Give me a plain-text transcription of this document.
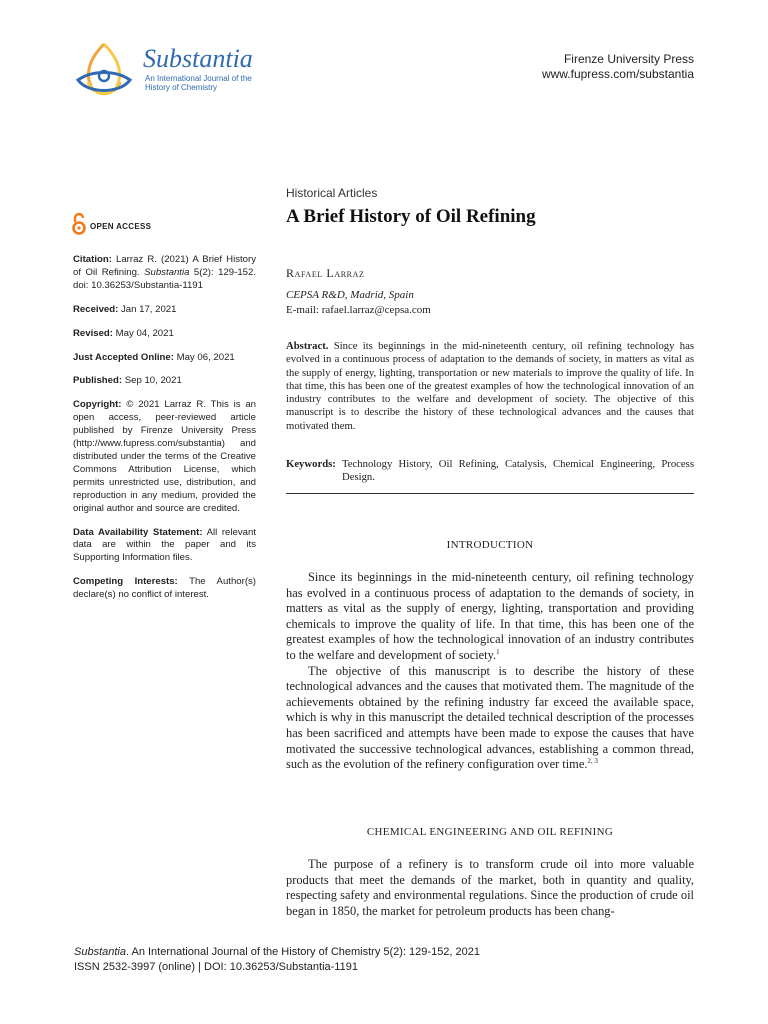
Substantia
An International Journal of the
History of Chemistry
Firenze University Press
www.fupress.com/substantia
Historical Articles
A Brief History of Oil Refining
OPEN ACCESS

Citation: Larraz R. (2021) A Brief History of Oil Refining. Substantia 5(2): 129-152. doi: 10.36253/Substantia-1191

Received: Jan 17, 2021

Revised: May 04, 2021

Just Accepted Online: May 06, 2021

Published: Sep 10, 2021

Copyright: © 2021 Larraz R. This is an open access, peer-reviewed article published by Firenze University Press (http://www.fupress.com/substantia) and distributed under the terms of the Creative Commons Attribution License, which permits unrestricted use, distribution, and reproduction in any medium, provided the original author and source are credited.

Data Availability Statement: All relevant data are within the paper and its Supporting Information files.

Competing Interests: The Author(s) declare(s) no conflict of interest.

Rafael Larraz
CEPSA R&D, Madrid, Spain
E-mail: rafael.larraz@cepsa.com
Abstract. Since its beginnings in the mid-nineteenth century, oil refining technology has evolved in a continuous process of adaptation to the demands of society, in matters as vital as the supply of energy, lighting, transportation or new materials to improve the quality of life. In that time, this has been one of the greatest examples of how the technological innovation of an industry contributes to the welfare and development of society. The objective of this manuscript is to describe the history of these technological advances and the causes that motivated them.
Keywords: Technology History, Oil Refining, Catalysis, Chemical Engineering, Process Design.
INTRODUCTION

Since its beginnings in the mid-nineteenth century, oil refining technology has evolved in a continuous process of adaptation to the demands of society, in matters as vital as the supply of energy, lighting, transportation and providing chemicals to improve the quality of life. In that time, this has been one of the greatest examples of how the technological innovation of an industry contributes to the welfare and development of society.$^1$

The objective of this manuscript is to describe the history of these technological advances and the causes that motivated them. The magnitude of the achievements obtained by the refining industry far exceed the available space, which is why in this manuscript the detailed technical description of the processes has been sacrificed and attempts have been made to expose the causes that have motivated the successive technological advances, establishing a common thread, such as the evolution of the refinery configuration over time.$^{2, 3}$

CHEMICAL ENGINEERING AND OIL REFINING

The purpose of a refinery is to transform crude oil into more valuable products that meet the demands of the market, both in quantity and quality, respecting safety and environmental regulations. Since the production of crude oil began in 1850, the market for petroleum products has been chang-

Substantia. An International Journal of the History of Chemistry 5(2): 129-152, 2021
ISSN 2532-3997 (online) | DOI: 10.36253/Substantia-1191
